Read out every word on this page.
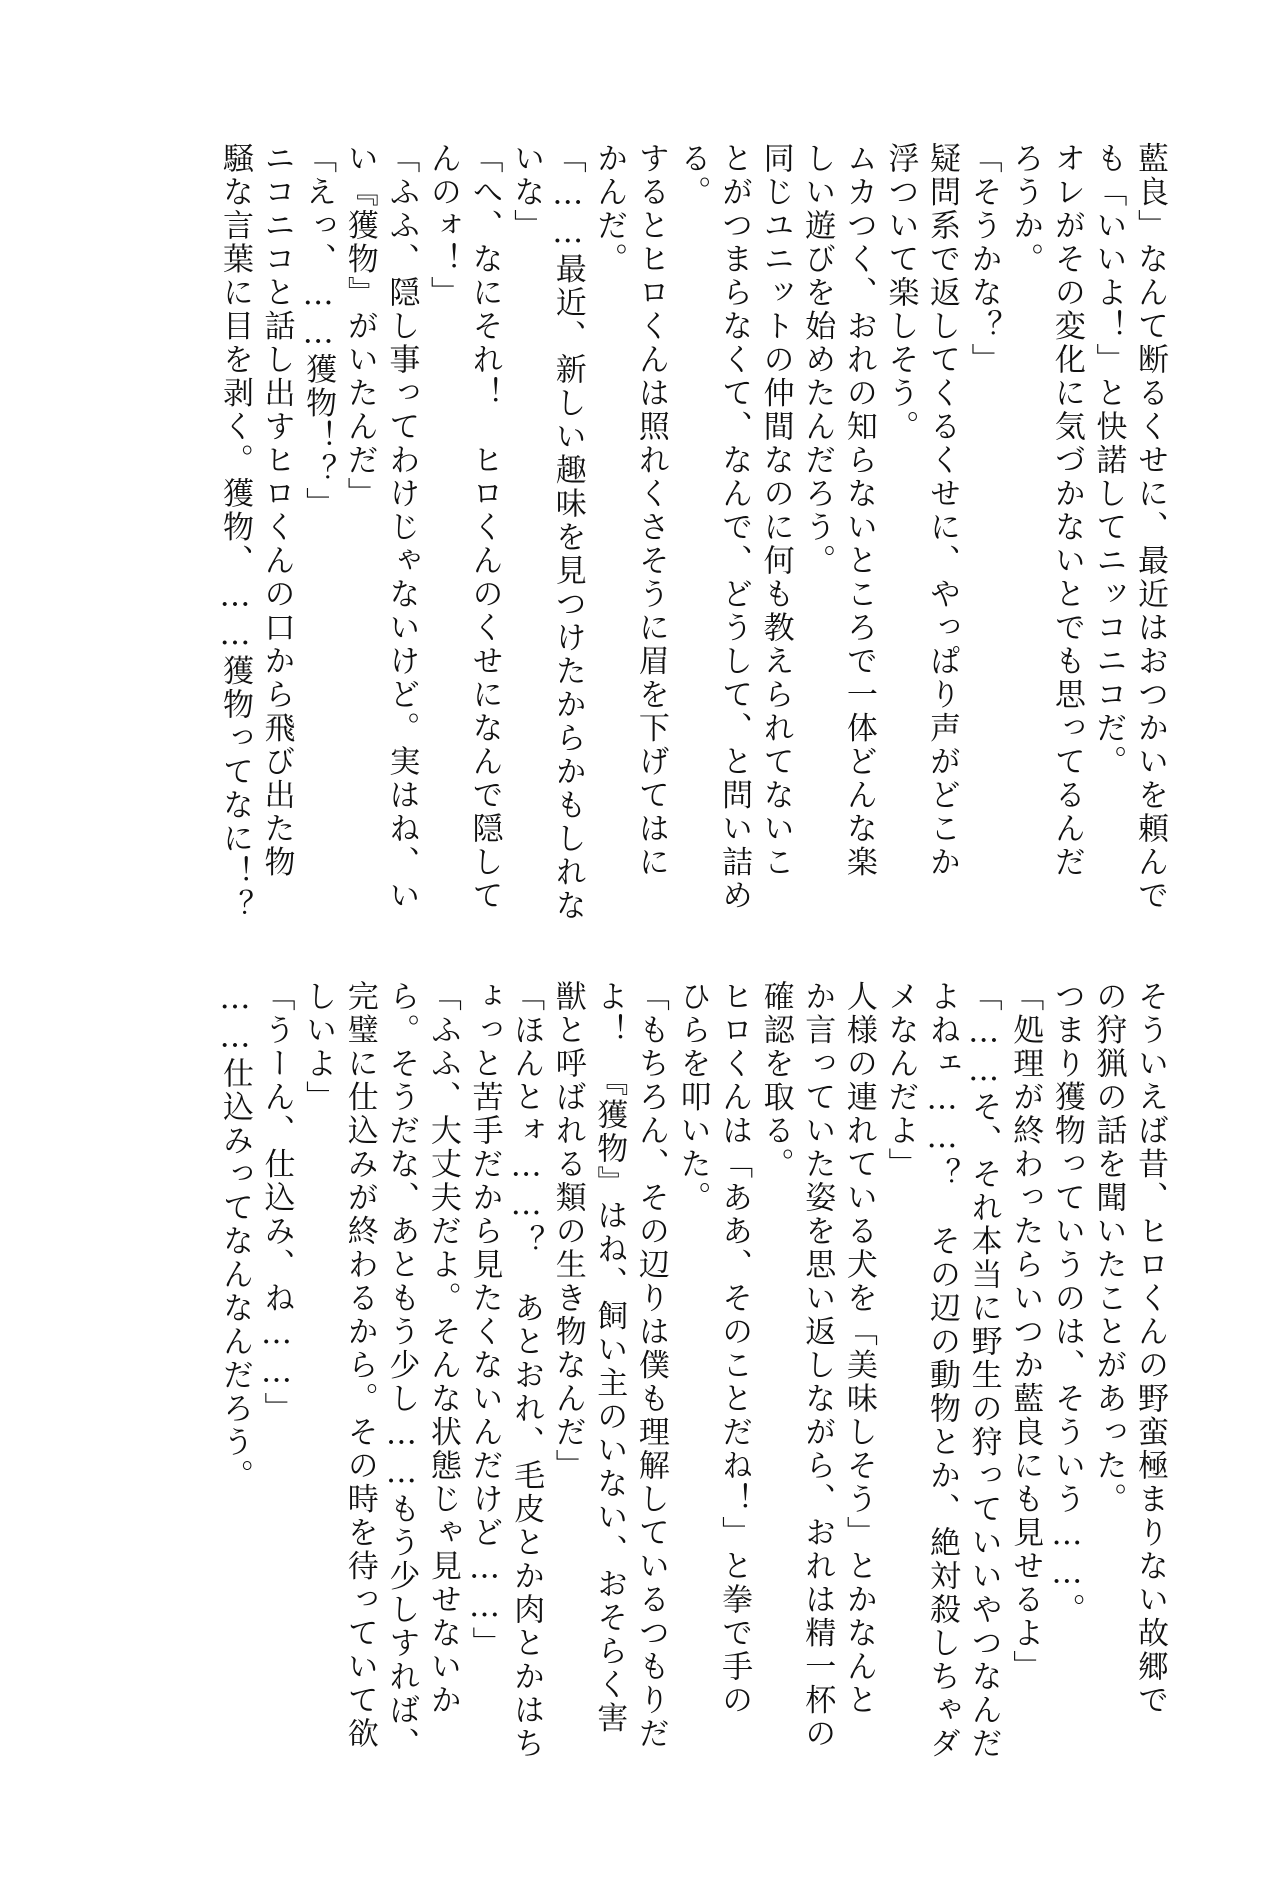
藍良」なんて断るくせに、最近はおつかいを頼んで
も「いいよ！」と快諾してニッコニコだ。
オレがその変化に気づかないとでも思ってるんだ
ろうか。
「そうかな？」
疑問系で返してくるくせに、やっぱり声がどこか
浮ついて楽しそう。
ムカつく、おれの知らないところで一体どんな楽
しい遊びを始めたんだろう。
同じユニットの仲間なのに何も教えられてないこ
とがつまらなくて、なんで、どうして、と問い詰め
る。
するとヒロくんは照れくさそうに眉を下げてはに
かんだ。
「……最近、新しい趣味を見つけたからかもしれな
いな」
「へ、なにそれ！　ヒロくんのくせになんで隠して
んのォ！」
「ふふ、隠し事ってわけじゃないけど。実はね、い
い『獲物』がいたんだ」
「えっ、……獲物！？」
ニコニコと話し出すヒロくんの口から飛び出た物
騒な言葉に目を剥く。獲物、……獲物ってなに！？
そういえば昔、ヒロくんの野蛮極まりない故郷で
の狩猟の話を聞いたことがあった。
つまり獲物っていうのは、そういう……。
「処理が終わったらいつか藍良にも見せるよ」
「……そ、それ本当に野生の狩っていいやつなんだ
よねェ……？　その辺の動物とか、絶対殺しちゃダ
メなんだよ」
人様の連れている犬を「美味しそう」とかなんと
か言っていた姿を思い返しながら、おれは精一杯の
確認を取る。
ヒロくんは「ああ、そのことだね！」と拳で手の
ひらを叩いた。
「もちろん、その辺りは僕も理解しているつもりだ
よ！　『獲物』はね、飼い主のいない、おそらく害
獣と呼ばれる類の生き物なんだ」
「ほんとォ……？　あとおれ、毛皮とか肉とかはち
ょっと苦手だから見たくないんだけど……」
「ふふ、大丈夫だよ。そんな状態じゃ見せないか
ら。そうだな、あともう少し……もう少しすれば、
完璧に仕込みが終わるから。その時を待っていて欲
しいよ」
「うーん、仕込み、ね……」
……仕込みってなんなんだろう。
